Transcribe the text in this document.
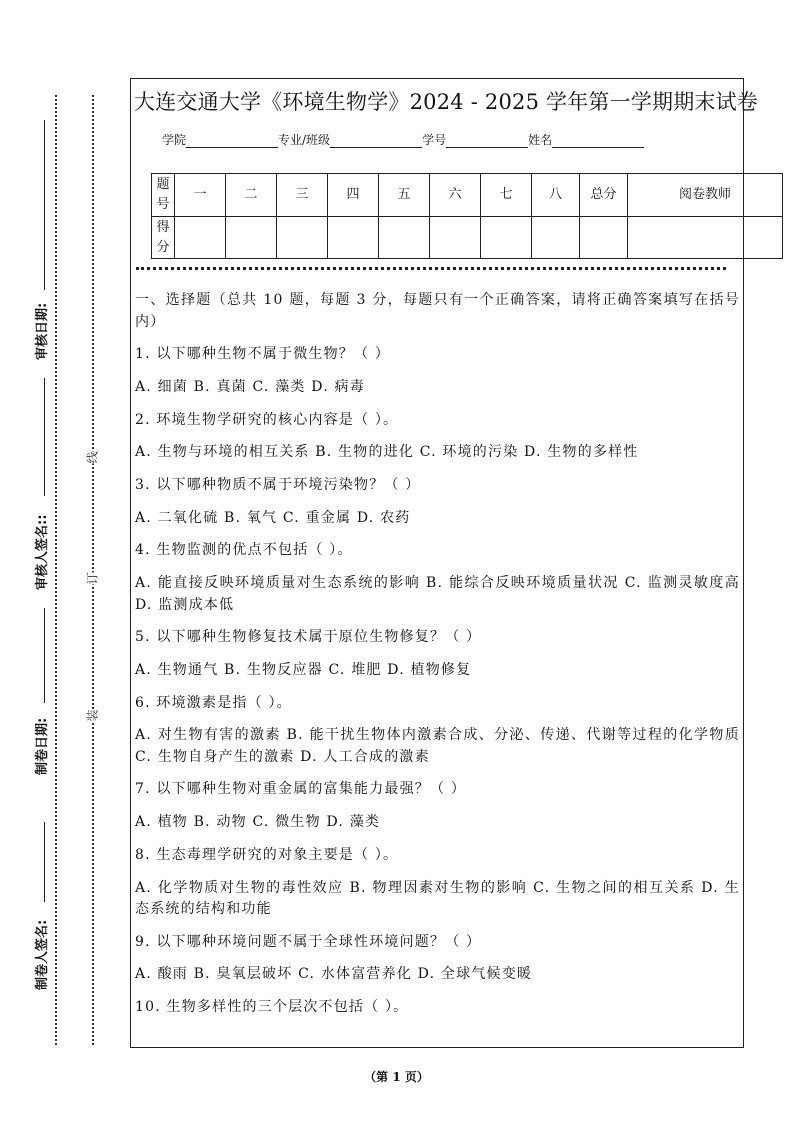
制卷人签名:
制卷日期:
审核人签名::
审核日期:
装
订
线
大连交通大学《环境生物学》2024 - 2025 学年第一学期期末试卷
学院	专业/班级	学号	姓名
题号	一	二	三	四	五	六	七	八	总分	阅卷教师
得分										

一、选择题（总共 10 题，每题 3 分，每题只有一个正确答案，请将正确答案填写在括号内）

1. 以下哪种生物不属于微生物？（ ）

A. 细菌 B. 真菌 C. 藻类 D. 病毒

2. 环境生物学研究的核心内容是（ ）。

A. 生物与环境的相互关系 B. 生物的进化 C. 环境的污染 D. 生物的多样性

3. 以下哪种物质不属于环境污染物？（ ）

A. 二氧化硫 B. 氧气 C. 重金属 D. 农药

4. 生物监测的优点不包括（ ）。

A. 能直接反映环境质量对生态系统的影响 B. 能综合反映环境质量状况 C. 监测灵敏度高 D. 监测成本低

5. 以下哪种生物修复技术属于原位生物修复？（ ）

A. 生物通气 B. 生物反应器 C. 堆肥 D. 植物修复

6. 环境激素是指（ ）。

A. 对生物有害的激素 B. 能干扰生物体内激素合成、分泌、传递、代谢等过程的化学物质 C. 生物自身产生的激素 D. 人工合成的激素

7. 以下哪种生物对重金属的富集能力最强？（ ）

A. 植物 B. 动物 C. 微生物 D. 藻类

8. 生态毒理学研究的对象主要是（ ）。

A. 化学物质对生物的毒性效应 B. 物理因素对生物的影响 C. 生物之间的相互关系 D. 生态系统的结构和功能

9. 以下哪种环境问题不属于全球性环境问题？（ ）

A. 酸雨 B. 臭氧层破坏 C. 水体富营养化 D. 全球气候变暖

10. 生物多样性的三个层次不包括（ ）。

（第 1 页）
